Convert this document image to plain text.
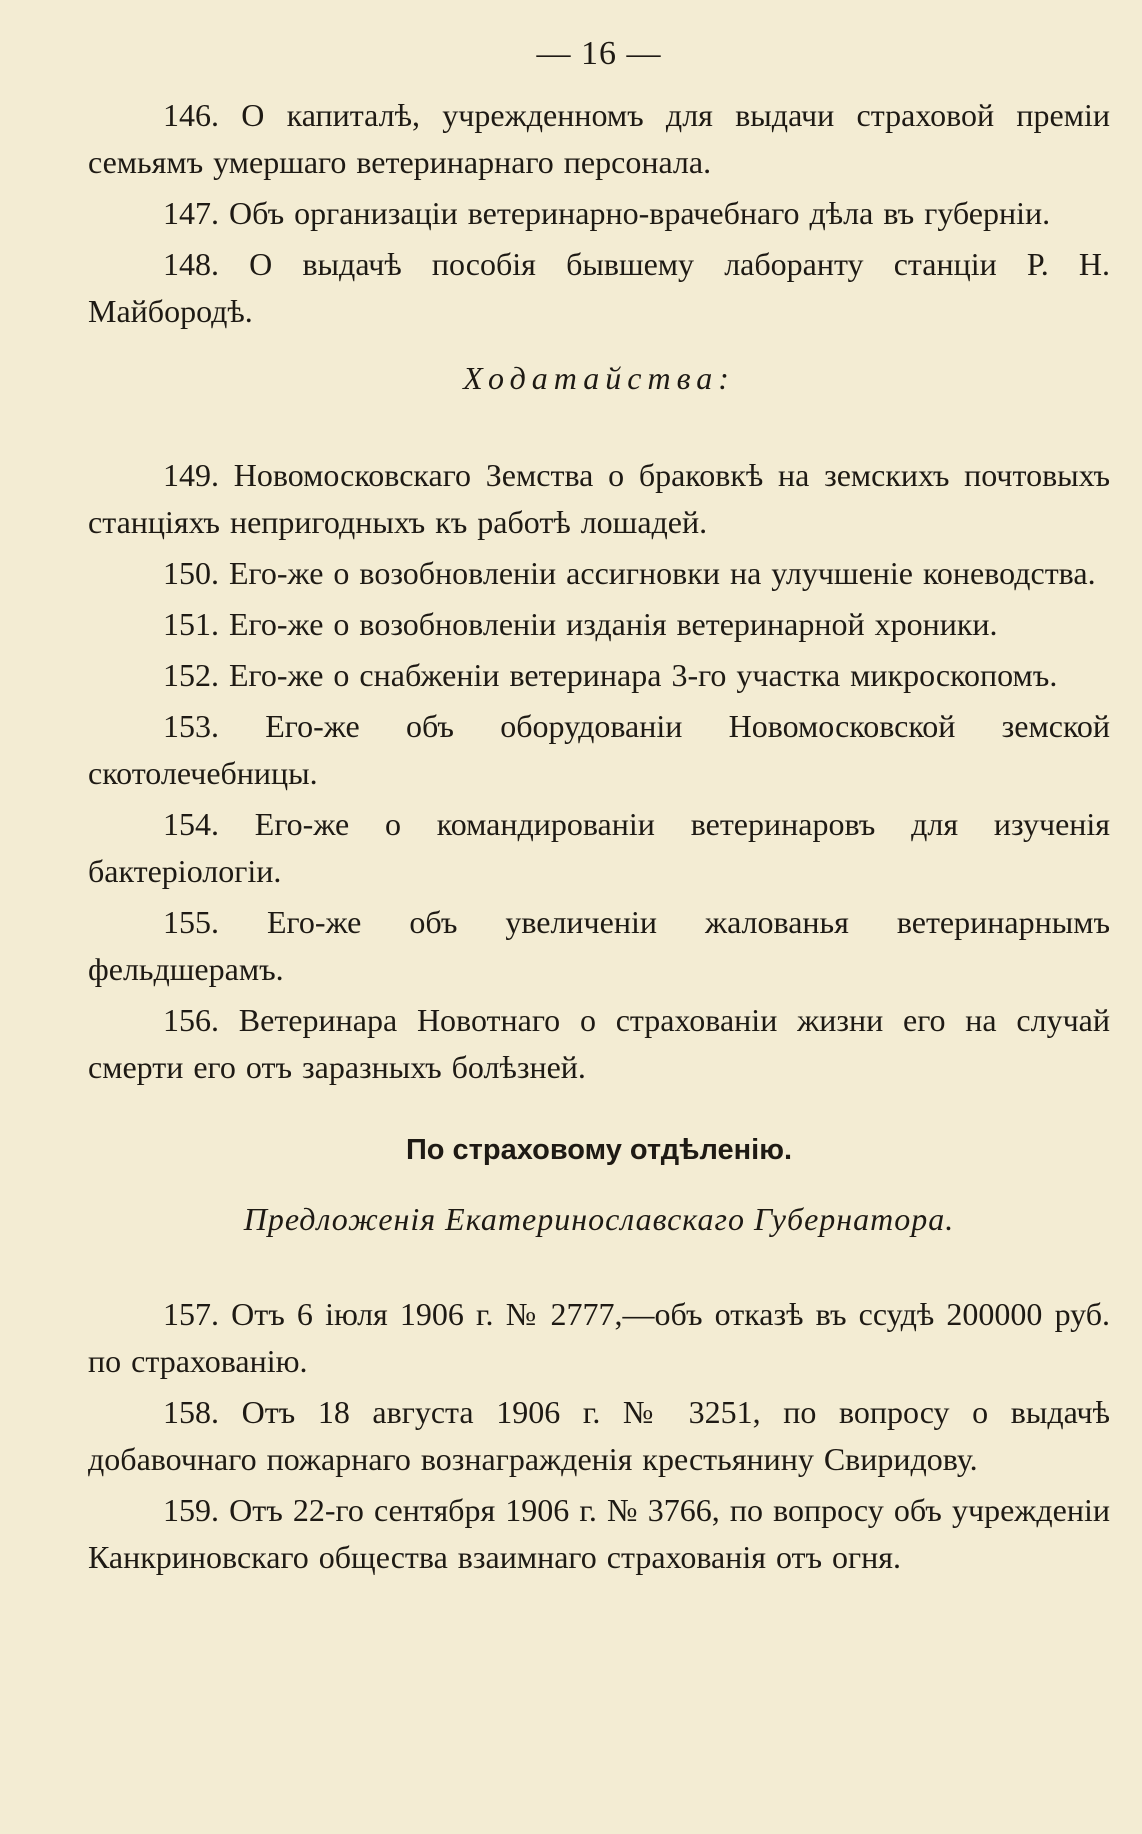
— 16 —

146. О капиталѣ, учрежденномъ для выдачи страховой премiи семьямъ умершаго ветеринарнаго персонала.

147. Объ организацiи ветеринарно-врачебнаго дѣла въ губернiи.

148. О выдачѣ пособiя бывшему лаборанту станцiи Р. Н. Майбородѣ.

Ходатайства:

149. Новомосковскаго Земства о браковкѣ на земскихъ почтовыхъ станцiяхъ непригодныхъ къ работѣ лошадей.

150. Его-же о возобновленiи ассигновки на улучшенiе коневодства.

151. Его-же о возобновленiи изданiя ветеринарной хроники.

152. Его-же о снабженiи ветеринара 3-го участка микроскопомъ.

153. Его-же объ оборудованiи Новомосковской земской скотолечебницы.

154. Его-же о командированiи ветеринаровъ для изученiя бактерiологiи.

155. Его-же объ увеличенiи жалованья ветеринарнымъ фельдшерамъ.

156. Ветеринара Новотнаго о страхованiи жизни его на случай смерти его отъ заразныхъ болѣзней.

По страховому отдѣленiю.
Предложенiя Екатеринославскаго Губернатора.

157. Отъ 6 iюля 1906 г. № 2777,—объ отказѣ въ ссудѣ 200000 руб. по страхованiю.

158. Отъ 18 августа 1906 г. № 3251, по вопросу о выдачѣ добавочнаго пожарнаго вознагражденiя крестьянину Свиридову.

159. Отъ 22-го сентября 1906 г. № 3766, по вопросу объ учрежденiи Канкриновскаго общества взаимнаго страхованiя отъ огня.
